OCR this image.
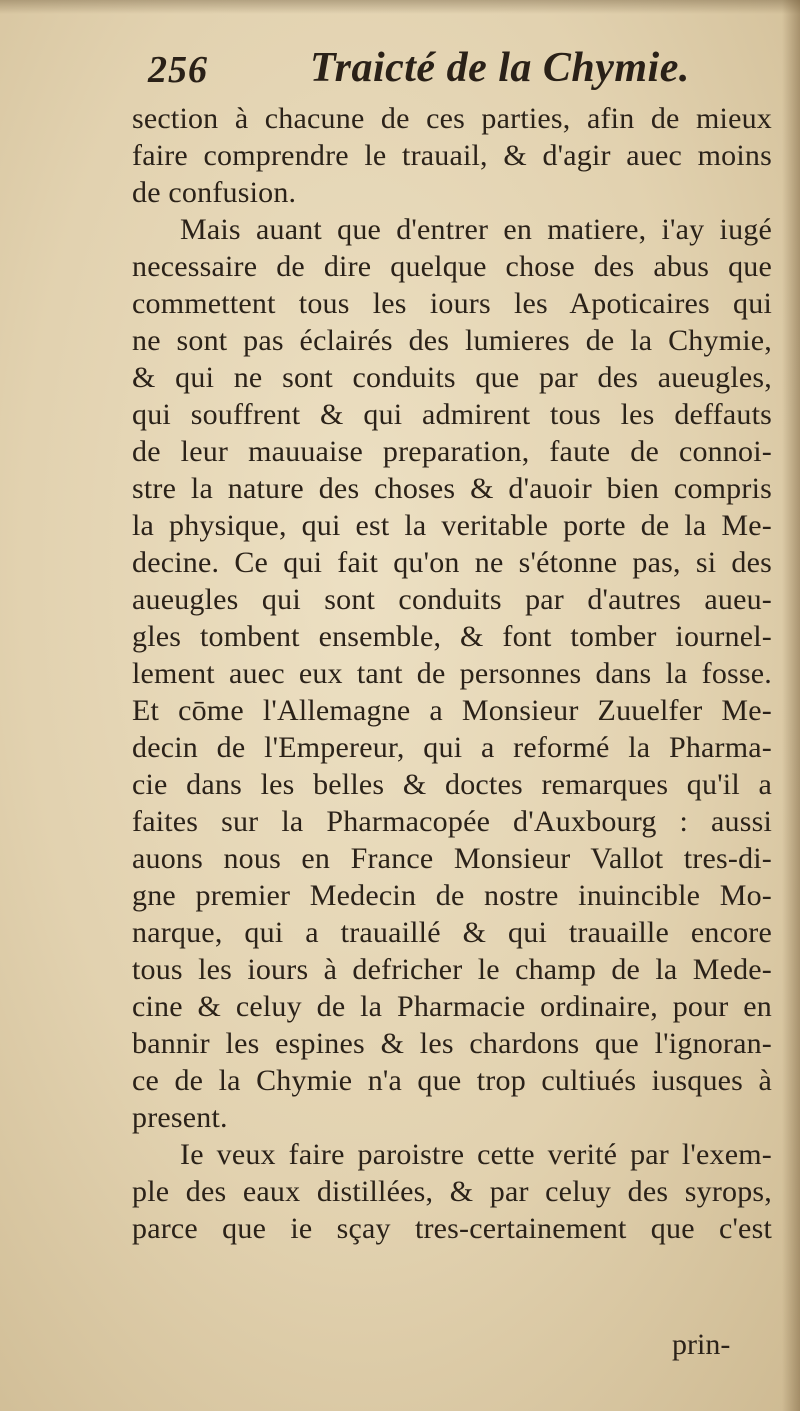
256 Traicté de la Chymie.
section à chacune de ces parties, afin de mieux
faire comprendre le trauail, & d'agir auec moins
de confusion.
Mais auant que d'entrer en matiere, i'ay iugé
necessaire de dire quelque chose des abus que
commettent tous les iours les Apoticaires qui
ne sont pas éclairés des lumieres de la Chymie,
& qui ne sont conduits que par des aueugles,
qui souffrent & qui admirent tous les deffauts
de leur mauuaise preparation, faute de connoi-
stre la nature des choses & d'auoir bien compris
la physique, qui est la veritable porte de la Me-
decine. Ce qui fait qu'on ne s'étonne pas, si des
aueugles qui sont conduits par d'autres aueu-
gles tombent ensemble, & font tomber iournel-
lement auec eux tant de personnes dans la fosse.
Et cōme l'Allemagne a Monsieur Zuuelfer Me-
decin de l'Empereur, qui a reformé la Pharma-
cie dans les belles & doctes remarques qu'il a
faites sur la Pharmacopée d'Auxbourg : aussi
auons nous en France Monsieur Vallot tres-di-
gne premier Medecin de nostre inuincible Mo-
narque, qui a trauaillé & qui trauaille encore
tous les iours à defricher le champ de la Mede-
cine & celuy de la Pharmacie ordinaire, pour en
bannir les espines & les chardons que l'ignoran-
ce de la Chymie n'a que trop cultiués iusques à
present.
Ie veux faire paroistre cette verité par l'exem-
ple des eaux distillées, & par celuy des syrops,
parce que ie sçay tres-certainement que c'est
prin-
